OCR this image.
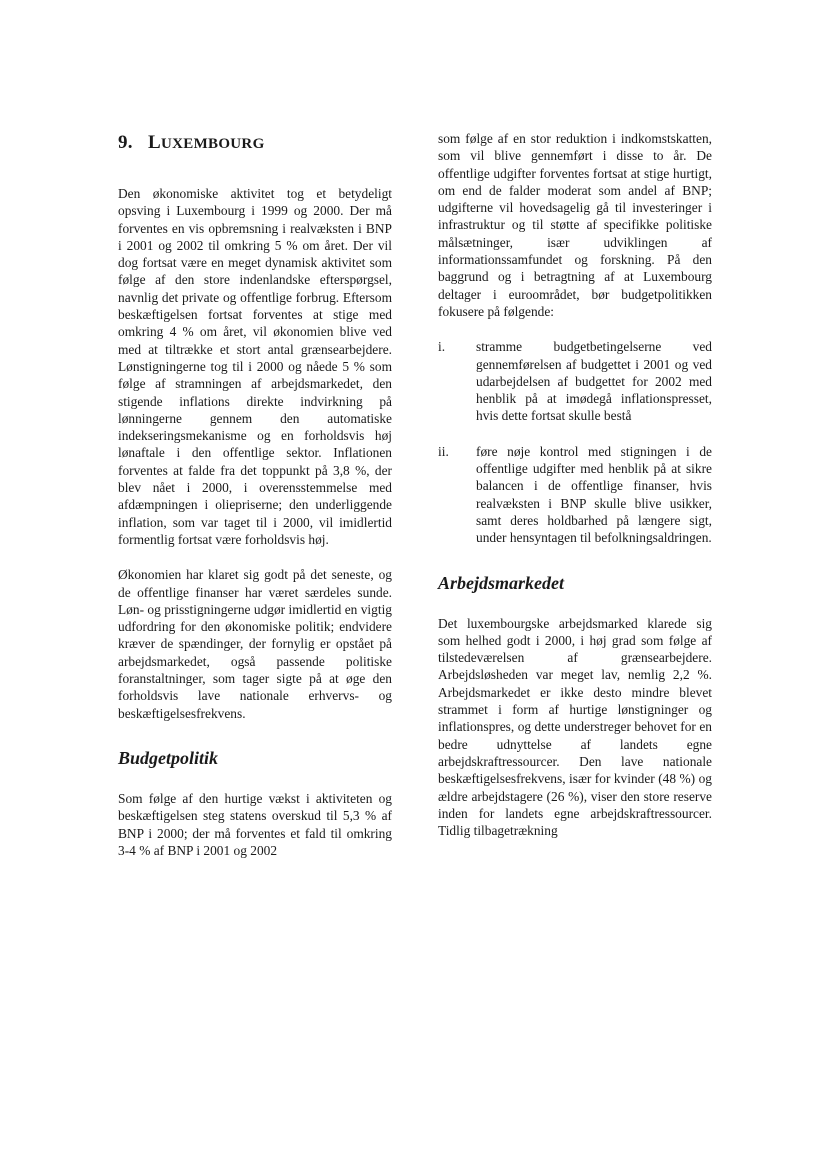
9. LUXEMBOURG

Den økonomiske aktivitet tog et betydeligt opsving i Luxembourg i 1999 og 2000. Der må forventes en vis opbremsning i realvæksten i BNP i 2001 og 2002 til omkring 5 % om året. Der vil dog fortsat være en meget dynamisk aktivitet som følge af den store indenlandske efterspørgsel, navnlig det private og offentlige forbrug. Eftersom beskæftigelsen fortsat forventes at stige med omkring 4 % om året, vil økonomien blive ved med at tiltrække et stort antal grænsearbejdere. Lønstigningerne tog til i 2000 og nåede 5 % som følge af stramningen af arbejdsmarkedet, den stigende inflations direkte indvirkning på lønningerne gennem den automatiske indekseringsmekanisme og en forholdsvis høj lønaftale i den offentlige sektor. Inflationen forventes at falde fra det toppunkt på 3,8 %, der blev nået i 2000, i overensstemmelse med afdæmpningen i oliepriserne; den underliggende inflation, som var taget til i 2000, vil imidlertid formentlig fortsat være forholdsvis høj.

Økonomien har klaret sig godt på det seneste, og de offentlige finanser har været særdeles sunde. Løn- og prisstigningerne udgør imidlertid en vigtig udfordring for den økonomiske politik; endvidere kræver de spændinger, der fornylig er opstået på arbejdsmarkedet, også passende politiske foranstaltninger, som tager sigte på at øge den forholdsvis lave nationale erhvervs- og beskæftigelsesfrekvens.

Budgetpolitik

Som følge af den hurtige vækst i aktiviteten og beskæftigelsen steg statens overskud til 5,3 % af BNP i 2000; der må forventes et fald til omkring 3-4 % af BNP i 2001 og 2002

som følge af en stor reduktion i indkomstskatten, som vil blive gennemført i disse to år. De offentlige udgifter forventes fortsat at stige hurtigt, om end de falder moderat som andel af BNP; udgifterne vil hovedsagelig gå til investeringer i infrastruktur og til støtte af specifikke politiske målsætninger, især udviklingen af informationssamfundet og forskning. På den baggrund og i betragtning af at Luxembourg deltager i euroområdet, bør budgetpolitikken fokusere på følgende:

i.	stramme budgetbetingelserne ved gennemførelsen af budgettet i 2001 og ved udarbejdelsen af budgettet for 2002 med henblik på at imødegå inflationspresset, hvis dette fortsat skulle bestå
ii.	føre nøje kontrol med stigningen i de offentlige udgifter med henblik på at sikre balancen i de offentlige finanser, hvis realvæksten i BNP skulle blive usikker, samt deres holdbarhed på længere sigt, under hensyntagen til befolkningsaldringen.
Arbejdsmarkedet

Det luxembourgske arbejdsmarked klarede sig som helhed godt i 2000, i høj grad som følge af tilstedeværelsen af grænsearbejdere. Arbejdsløsheden var meget lav, nemlig 2,2 %. Arbejdsmarkedet er ikke desto mindre blevet strammet i form af hurtige lønstigninger og inflationspres, og dette understreger behovet for en bedre udnyttelse af landets egne arbejdskraftressourcer. Den lave nationale beskæftigelsesfrekvens, især for kvinder (48 %) og ældre arbejdstagere (26 %), viser den store reserve inden for landets egne arbejdskraftressourcer. Tidlig tilbagetrækning
